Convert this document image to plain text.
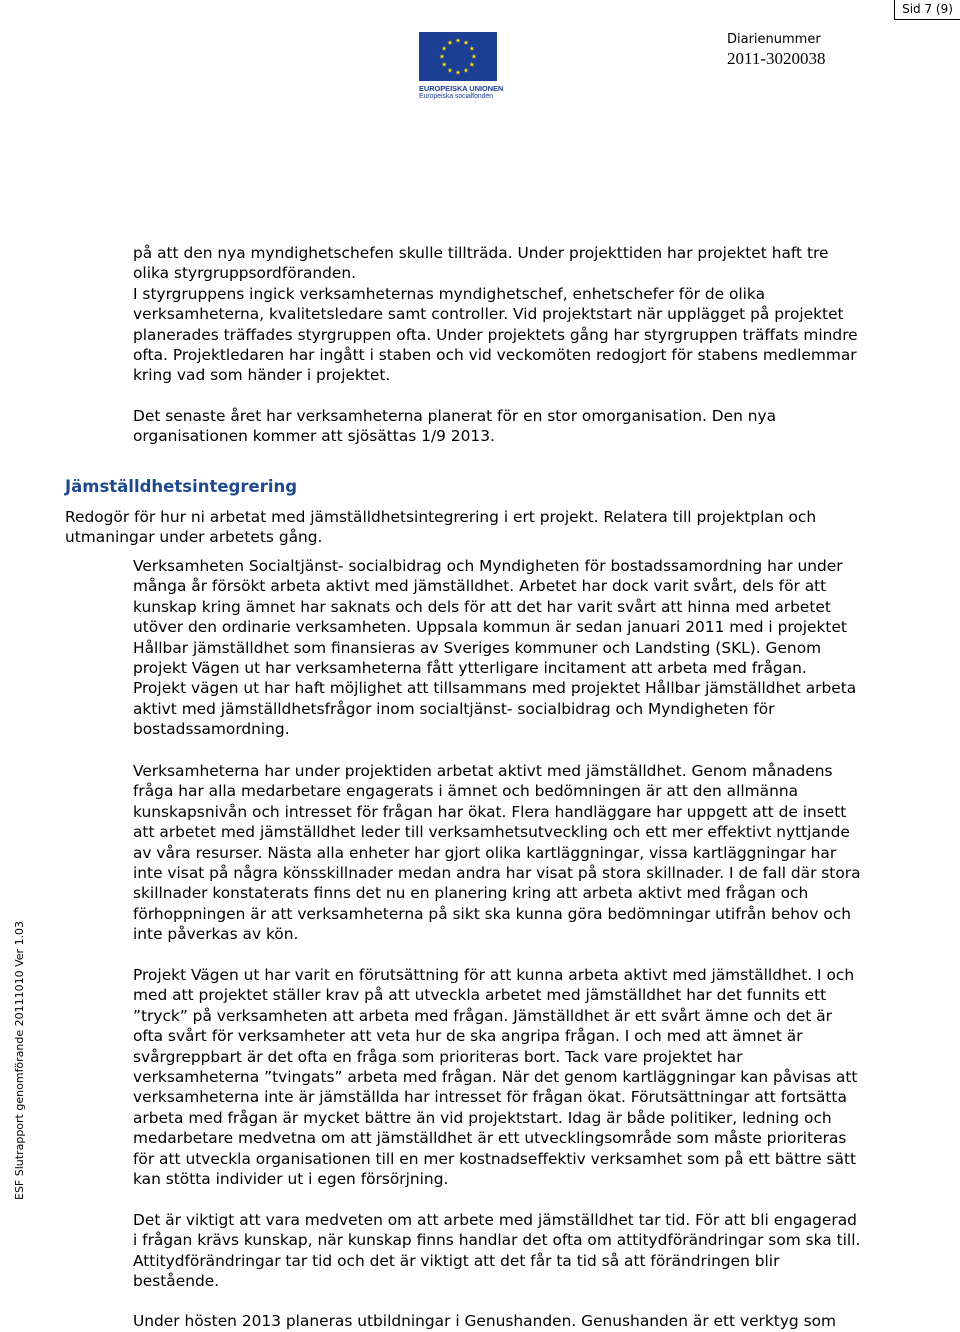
Sid 7 (9)
EUROPEISKA UNIONEN
Europeiska socialfonden
Diarienummer
2011-3020038
ESF Slutrapport genomförande 20111010 Ver 1.03

på att den nya myndighetschefen skulle tillträda. Under projekttiden har projektet haft tre

olika styrgruppsordföranden.

I styrgruppens ingick verksamheternas myndighetschef, enhetschefer för de olika

verksamheterna, kvalitetsledare samt controller. Vid projektstart när upplägget på projektet

planerades träffades styrgruppen ofta. Under projektets gång har styrgruppen träffats mindre

ofta. Projektledaren har ingått i staben och vid veckomöten redogjort för stabens medlemmar

kring vad som händer i projektet.

Det senaste året har verksamheterna planerat för en stor omorganisation. Den nya

organisationen kommer att sjösättas 1/9 2013.

Jämställdhetsintegrering

Redogör för hur ni arbetat med jämställdhetsintegrering i ert projekt. Relatera till projektplan och

utmaningar under arbetets gång.

Verksamheten Socialtjänst- socialbidrag och Myndigheten för bostadssamordning har under

många år försökt arbeta aktivt med jämställdhet. Arbetet har dock varit svårt, dels för att

kunskap kring ämnet har saknats och dels för att det har varit svårt att hinna med arbetet

utöver den ordinarie verksamheten. Uppsala kommun är sedan januari 2011 med i projektet

Hållbar jämställdhet som finansieras av Sveriges kommuner och Landsting (SKL). Genom

projekt Vägen ut har verksamheterna fått ytterligare incitament att arbeta med frågan.

Projekt vägen ut har haft möjlighet att tillsammans med projektet Hållbar jämställdhet arbeta

aktivt med jämställdhetsfrågor inom socialtjänst- socialbidrag och Myndigheten för

bostadssamordning.

Verksamheterna har under projektiden arbetat aktivt med jämställdhet. Genom månadens

fråga har alla medarbetare engagerats i ämnet och bedömningen är att den allmänna

kunskapsnivån och intresset för frågan har ökat. Flera handläggare har uppgett att de insett

att arbetet med jämställdhet leder till verksamhetsutveckling och ett mer effektivt nyttjande

av våra resurser. Nästa alla enheter har gjort olika kartläggningar, vissa kartläggningar har

inte visat på några könsskillnader medan andra har visat på stora skillnader. I de fall där stora

skillnader konstaterats finns det nu en planering kring att arbeta aktivt med frågan och

förhoppningen är att verksamheterna på sikt ska kunna göra bedömningar utifrån behov och

inte påverkas av kön.

Projekt Vägen ut har varit en förutsättning för att kunna arbeta aktivt med jämställdhet. I och

med att projektet ställer krav på att utveckla arbetet med jämställdhet har det funnits ett

”tryck” på verksamheten att arbeta med frågan. Jämställdhet är ett svårt ämne och det är

ofta svårt för verksamheter att veta hur de ska angripa frågan. I och med att ämnet är

svårgreppbart är det ofta en fråga som prioriteras bort. Tack vare projektet har

verksamheterna ”tvingats” arbeta med frågan. När det genom kartläggningar kan påvisas att

verksamheterna inte är jämställda har intresset för frågan ökat. Förutsättningar att fortsätta

arbeta med frågan är mycket bättre än vid projektstart. Idag är både politiker, ledning och

medarbetare medvetna om att jämställdhet är ett utvecklingsområde som måste prioriteras

för att utveckla organisationen till en mer kostnadseffektiv verksamhet som på ett bättre sätt

kan stötta individer ut i egen försörjning.

Det är viktigt att vara medveten om att arbete med jämställdhet tar tid. För att bli engagerad

i frågan krävs kunskap, när kunskap finns handlar det ofta om attitydförändringar som ska till.

Attitydförändringar tar tid och det är viktigt att det får ta tid så att förändringen blir

bestående.

Under hösten 2013 planeras utbildningar i Genushanden. Genushanden är ett verktyg som
